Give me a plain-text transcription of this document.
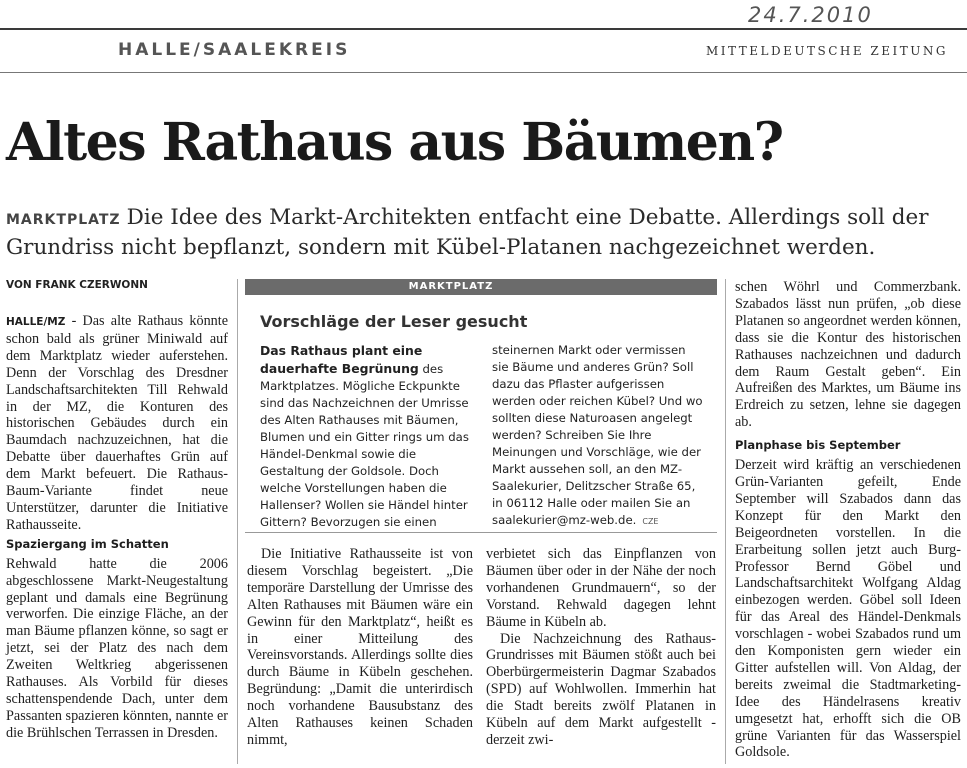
24.7.2010
HALLE/SAALEKREIS	MITTELDEUTSCHE ZEITUNG
Altes Rathaus aus Bäumen?
MARKTPLATZ Die Idee des Markt-Architekten entfacht eine Debatte. Allerdings soll der Grundriss nicht bepflanzt, sondern mit Kübel-Platanen nachgezeichnet werden.
VON FRANK CZERWONN

HALLE/MZ - Das alte Rathaus könnte schon bald als grüner Miniwald auf dem Marktplatz wieder auferstehen. Denn der Vorschlag des Dresdner Landschaftsarchitekten Till Rehwald in der MZ, die Konturen des historischen Gebäudes durch ein Baumdach nachzuzeichnen, hat die Debatte über dauerhaftes Grün auf dem Markt befeuert. Die Rathaus-Baum-Variante findet neue Unterstützer, darunter die Initiative Rathausseite.

Spaziergang im Schatten

Rehwald hatte die 2006 abgeschlossene Markt-Neugestaltung geplant und damals eine Begrünung verworfen. Die einzige Fläche, an der man Bäume pflanzen könne, so sagt er jetzt, sei der Platz des nach dem Zweiten Weltkrieg abgerissenen Rathauses. Als Vorbild für dieses schattenspendende Dach, unter dem Passanten spazieren könnten, nannte er die Brühlschen Terrassen in Dresden.

MARKTPLATZ
Vorschläge der Leser gesucht
Das Rathaus plant eine dauerhafte Begrünung des Marktplatzes. Mögliche Eckpunkte sind das Nachzeichnen der Umrisse des Alten Rathauses mit Bäumen, Blumen und ein Gitter rings um das Händel-Denkmal sowie die Gestaltung der Goldsole. Doch welche Vorstellungen haben die Hallenser? Wollen sie Händel hinter Gittern? Bevorzugen sie einen
steinernen Markt oder vermissen sie Bäume und anderes Grün? Soll dazu das Pflaster aufgerissen werden oder reichen Kübel? Und wo sollten diese Naturoasen angelegt werden? Schreiben Sie Ihre Meinungen und Vorschläge, wie der Markt aussehen soll, an den MZ-Saalekurier, Delitzscher Straße 65, in 06112 Halle oder mailen Sie an saalekurier@mz-web.de. CZE

Die Initiative Rathausseite ist von diesem Vorschlag begeistert. „Die temporäre Darstellung der Umrisse des Alten Rathauses mit Bäumen wäre ein Gewinn für den Marktplatz“, heißt es in einer Mitteilung des Vereinsvorstands. Allerdings sollte dies durch Bäume in Kübeln geschehen. Begründung: „Damit die unterirdisch noch vorhandene Bausubstanz des Alten Rathauses keinen Schaden nimmt,

verbietet sich das Einpflanzen von Bäumen über oder in der Nähe der noch vorhandenen Grundmauern“, so der Vorstand. Rehwald dagegen lehnt Bäume in Kübeln ab.

Die Nachzeichnung des Rathaus-Grundrisses mit Bäumen stößt auch bei Oberbürgermeisterin Dagmar Szabados (SPD) auf Wohlwollen. Immerhin hat die Stadt bereits zwölf Platanen in Kübeln auf dem Markt aufgestellt - derzeit zwi-

schen Wöhrl und Commerzbank. Szabados lässt nun prüfen, „ob diese Platanen so angeordnet werden können, dass sie die Kontur des historischen Rathauses nachzeichnen und dadurch dem Raum Gestalt geben“. Ein Aufreißen des Marktes, um Bäume ins Erdreich zu setzen, lehne sie dagegen ab.

Planphase bis September

Derzeit wird kräftig an verschiedenen Grün-Varianten gefeilt, Ende September will Szabados dann das Konzept für den Markt den Beigeordneten vorstellen. In die Erarbeitung sollen jetzt auch Burg-Professor Bernd Göbel und Landschaftsarchitekt Wolfgang Aldag einbezogen werden. Göbel soll Ideen für das Areal des Händel-Denkmals vorschlagen - wobei Szabados rund um den Komponisten gern wieder ein Gitter aufstellen will. Von Aldag, der bereits zweimal die Stadtmarketing-Idee des Händelrasens kreativ umgesetzt hat, erhofft sich die OB grüne Varianten für das Wasserspiel Goldsole.
